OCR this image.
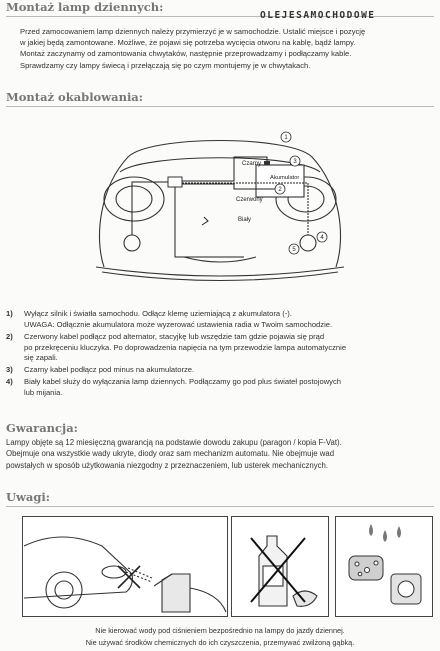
Montaż lamp dziennych:
OLEJESAMOCHODOWE

Przed zamocowaniem lamp dziennych należy przymierzyć je w samochodzie. Ustalić miejsce i pozycję

w jakiej będą zamontowane. Możliwe, że pojawi się potrzeba wycięcia otworu na kablę, bądź lampy.

Montaż zaczynamy od zamontowania chwytaków, następnie przeprowadzamy i podłączamy kable.

Sprawdzamy czy lampy świecą i przełączają się po czym montujemy je w chwytakach.

Montaż okablowania:
Czarny
Akumulator
Czerwony
Biały
1
3
2
4
5
1)	Wyłącz silnik i światła samochodu. Odłącz klemę uziemiającą z akumulatora (-).
UWAGA: Odłącznie akumulatora może wyzerować ustawienia radia w Twoim samochodzie.
2)	Czerwony kabel podłącz pod alternator, stacyjkę lub wszędzie tam gdzie pojawia się prąd
po przekręceniu kluczyka. Po doprowadzenia napięcia na tym przewodzie lampa automatycznie
się zapali.
3)	Czarny kabel podłącz pod minus na akumulatorze.
4)	Biały kabel służy do wyłączania lamp dziennych. Podłączamy go pod plus świateł postojowych
lub mijania.
Gwarancja:

Lampy objęte są 12 miesięczną gwarancją na podstawie dowodu zakupu (paragon / kopia F-Vat).

Obejmuje ona wszystkie wady ukryte, diody oraz sam mechanizm automatu. Nie obejmuje wad

powstałych w sposób użytkowania niezgodny z przeznaczeniem, lub usterek mechanicznych.

Uwagi:
Nie kierować wody pod ciśnieniem bezpośrednio na lampy do jazdy dziennej.
Nie używać środków chemicznych do ich czyszczenia, przemywać zwilżoną gąbką.
